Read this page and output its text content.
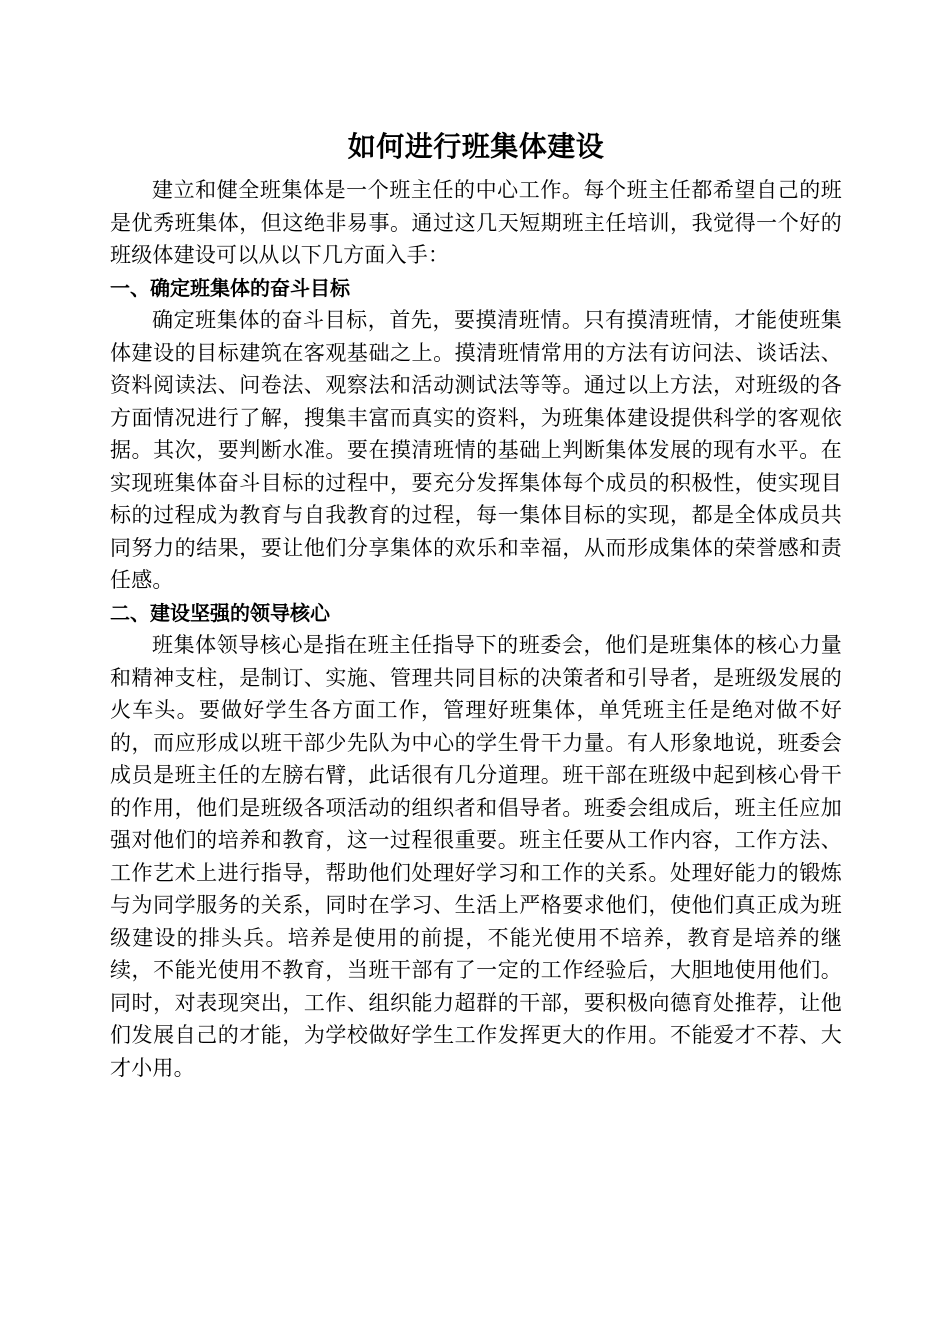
如何进行班集体建设

建立和健全班集体是一个班主任的中心工作。每个班主任都希望自己的班是优秀班集体，但这绝非易事。通过这几天短期班主任培训，我觉得一个好的班级体建设可以从以下几方面入手：

一、确定班集体的奋斗目标

确定班集体的奋斗目标，首先，要摸清班情。只有摸清班情，才能使班集体建设的目标建筑在客观基础之上。摸清班情常用的方法有访问法、谈话法、资料阅读法、问卷法、观察法和活动测试法等等。通过以上方法，对班级的各方面情况进行了解，搜集丰富而真实的资料，为班集体建设提供科学的客观依据。其次，要判断水准。要在摸清班情的基础上判断集体发展的现有水平。在实现班集体奋斗目标的过程中，要充分发挥集体每个成员的积极性，使实现目标的过程成为教育与自我教育的过程，每一集体目标的实现，都是全体成员共同努力的结果，要让他们分享集体的欢乐和幸福，从而形成集体的荣誉感和责任感。

二、建设坚强的领导核心

班集体领导核心是指在班主任指导下的班委会，他们是班集体的核心力量和精神支柱，是制订、实施、管理共同目标的决策者和引导者，是班级发展的火车头。要做好学生各方面工作，管理好班集体，单凭班主任是绝对做不好的，而应形成以班干部少先队为中心的学生骨干力量。有人形象地说，班委会成员是班主任的左膀右臂，此话很有几分道理。班干部在班级中起到核心骨干的作用，他们是班级各项活动的组织者和倡导者。班委会组成后，班主任应加强对他们的培养和教育，这一过程很重要。班主任要从工作内容，工作方法、工作艺术上进行指导，帮助他们处理好学习和工作的关系。处理好能力的锻炼与为同学服务的关系，同时在学习、生活上严格要求他们，使他们真正成为班级建设的排头兵。培养是使用的前提，不能光使用不培养，教育是培养的继续，不能光使用不教育，当班干部有了一定的工作经验后，大胆地使用他们。同时，对表现突出，工作、组织能力超群的干部，要积极向德育处推荐，让他们发展自己的才能，为学校做好学生工作发挥更大的作用。不能爱才不荐、大才小用。
